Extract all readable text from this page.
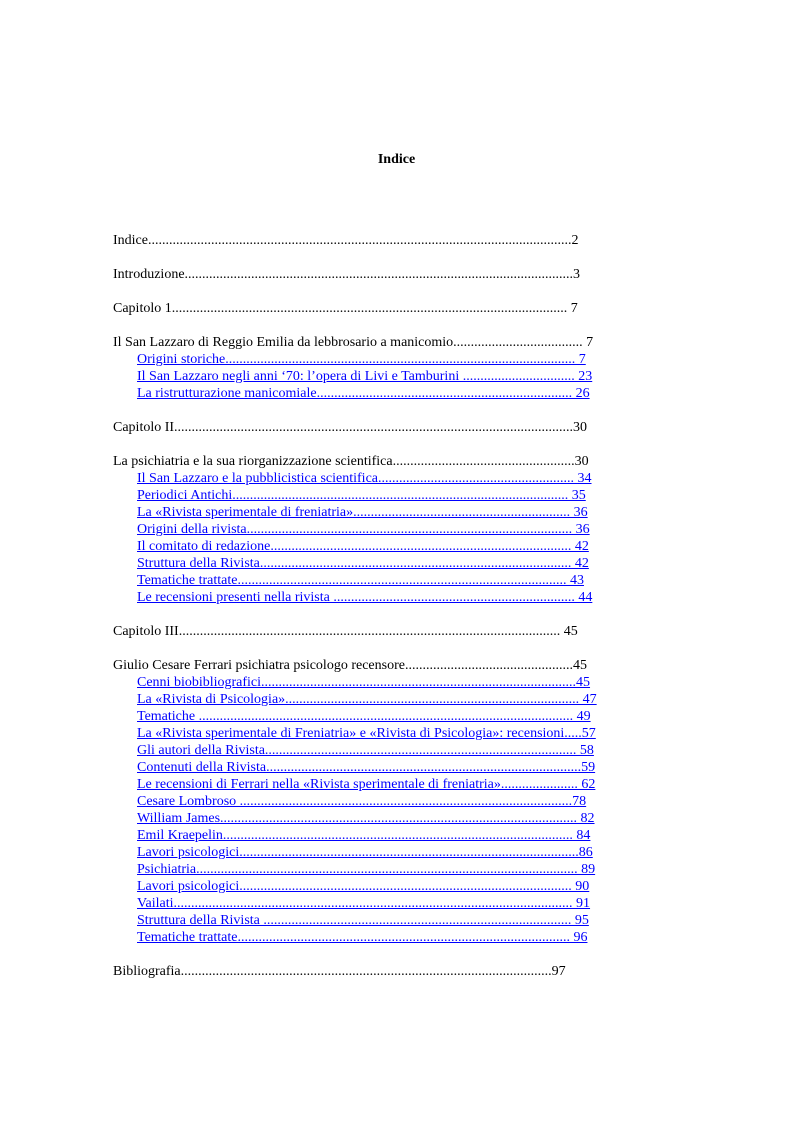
Indice
Indice.........................................................................................................................2
Introduzione...............................................................................................................3
Capitolo 1................................................................................................................. 7
Il San Lazzaro di Reggio Emilia da lebbrosario a manicomio..................................... 7
Origini storiche.................................................................................................... 7
Il San Lazzaro negli anni ‘70: l’opera di Livi e Tamburini ................................ 23
La ristrutturazione manicomiale......................................................................... 26
Capitolo II..................................................................................................................30
La psichiatria e la sua riorganizzazione scientifica....................................................30
Il San Lazzaro e la pubblicistica scientifica........................................................ 34
Periodici Antichi................................................................................................ 35
La «Rivista sperimentale di freniatria».............................................................. 36
Origini della rivista............................................................................................. 36
Il comitato di redazione...................................................................................... 42
Struttura della Rivista......................................................................................... 42
Tematiche trattate.............................................................................................. 43
Le recensioni presenti nella rivista ..................................................................... 44
Capitolo III............................................................................................................. 45
Giulio Cesare Ferrari psichiatra psicologo recensore................................................45
Cenni biobibliografici..........................................................................................45
La «Rivista di Psicologia».................................................................................... 47
Tematiche ........................................................................................................... 49
La «Rivista sperimentale di Freniatria» e «Rivista di Psicologia»: recensioni.....57
Gli autori della Rivista......................................................................................... 58
Contenuti della Rivista..........................................................................................59
Le recensioni di Ferrari nella «Rivista sperimentale di freniatria»...................... 62
Cesare Lombroso ...............................................................................................78
William James...................................................................................................... 82
Emil Kraepelin.................................................................................................... 84
Lavori psicologici.................................................................................................86
Psichiatria............................................................................................................. 89
Lavori psicologici............................................................................................... 90
Vailati.................................................................................................................. 91
Struttura della Rivista ........................................................................................ 95
Tematiche trattate............................................................................................... 96
Bibliografia..........................................................................................................97
